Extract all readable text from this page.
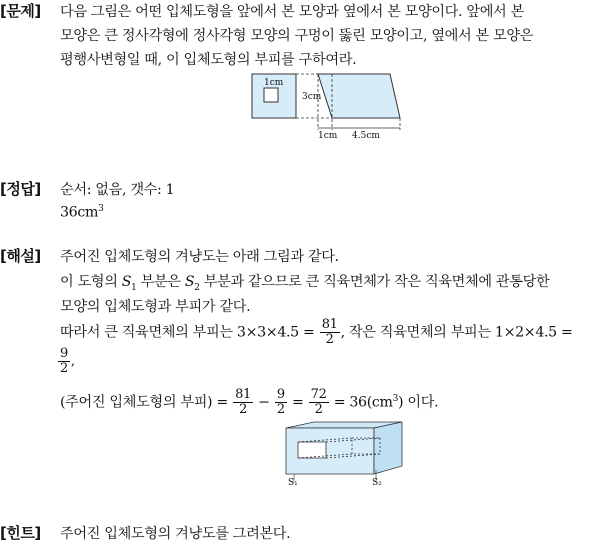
[문제] 다음 그림은 어떤 입체도형을 앞에서 본 모양과 옆에서 본 모양이다. 앞에서 본
모양은 큰 정사각형에 정사각형 모양의 구멍이 뚫린 모양이고, 옆에서 본 모양은
평행사변형일 때, 이 입체도형의 부피를 구하여라.
1cm
3cm
1cm 4.5cm
[정답] 순서: 없음, 갯수: 1
$36cm^3$
[해설] 주어진 입체도형의 겨냥도는 아래 그림과 같다.
이 도형의 $S_1$ 부분은 $S_2$ 부분과 같으므로 큰 직육면체가 작은 직육면체에 관통당한
모양의 입체도형과 부피가 같다.
따라서 큰 직육면체의 부피는 $3\times 3\times 4.5 = \frac{81}{2}$ , 작은 직육면체의 부피는 1×2×4.5 =
$\frac{9}{2}$ ,
(주어진 입체도형의 부피) = $\frac{81}{2} - \frac{9}{2} = \frac{72}{2} = 36(cm^3)$ 이다.
S₁	S₂
[힌트] 주어진 입체도형의 겨냥도를 그려본다.
